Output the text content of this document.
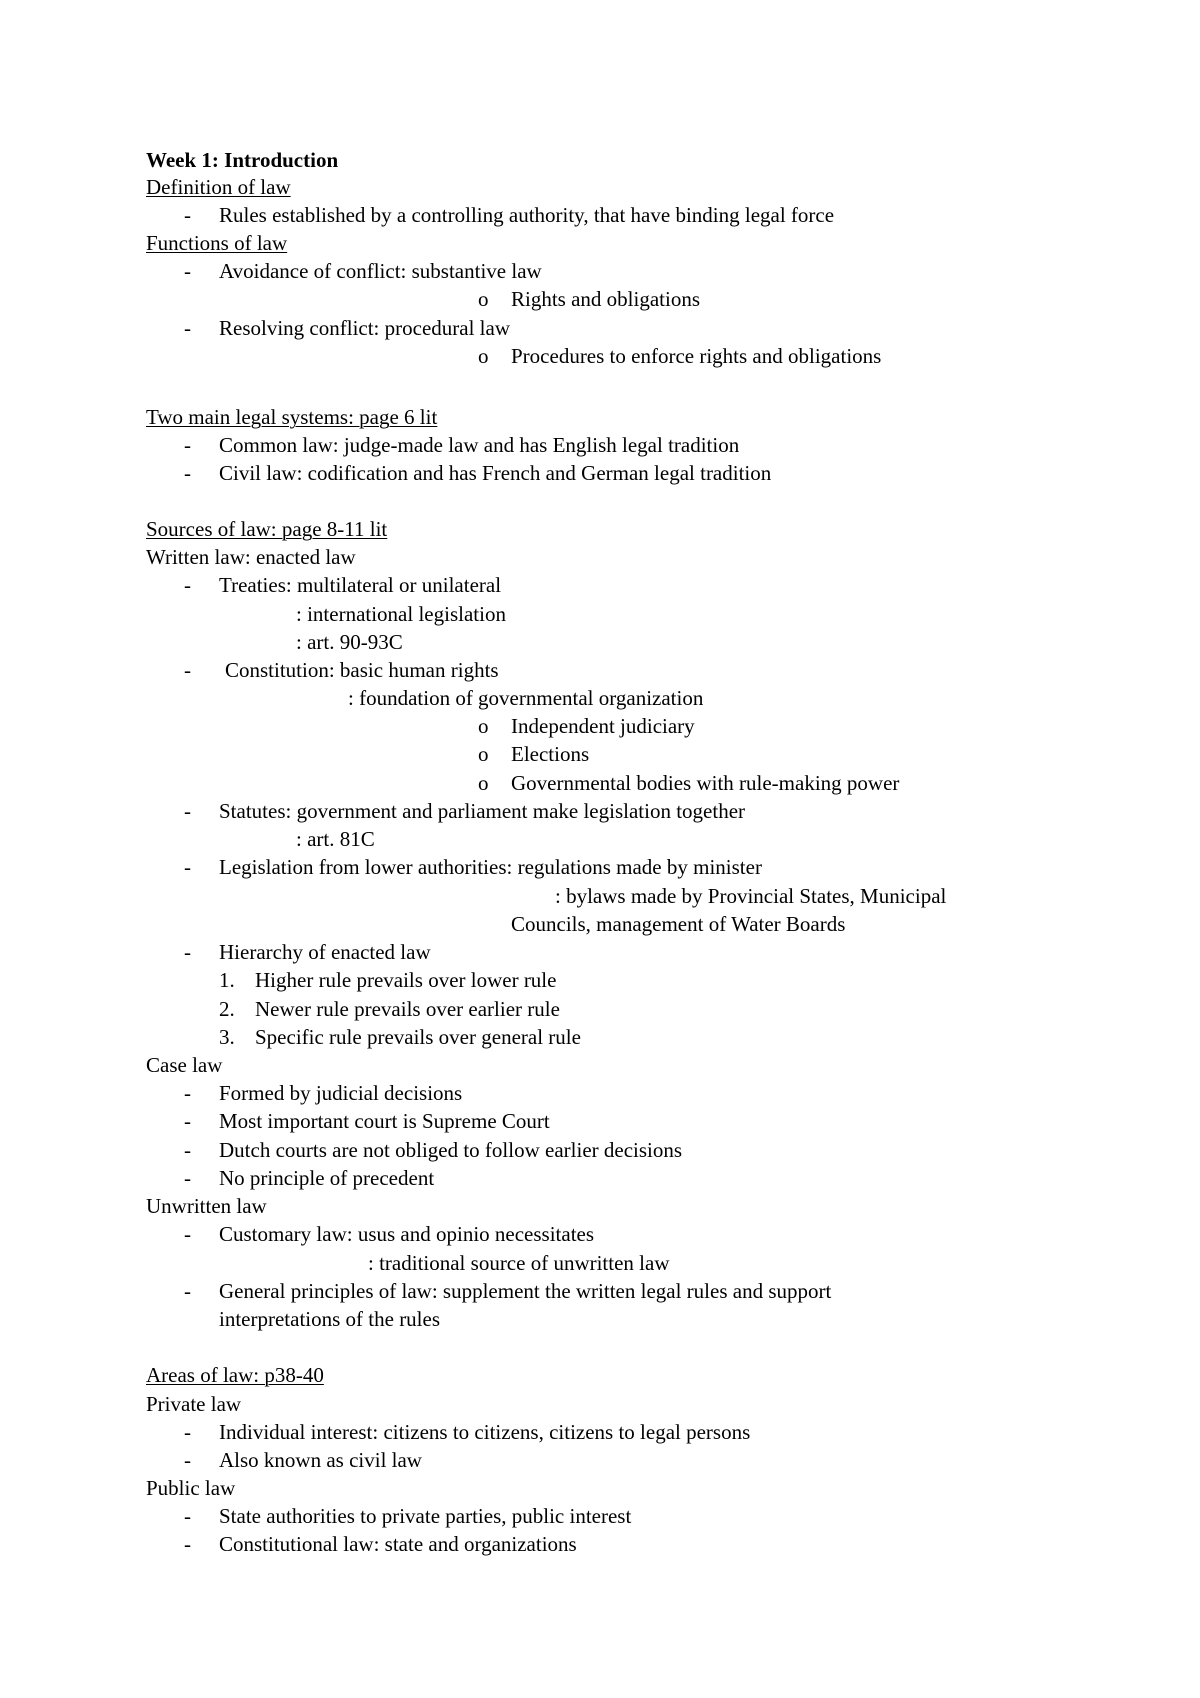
Week 1: Introduction
Definition of law
- Rules established by a controlling authority, that have binding legal force
Functions of law
- Avoidance of conflict: substantive law
o Rights and obligations
- Resolving conflict: procedural law
o Procedures to enforce rights and obligations
Two main legal systems: page 6 lit
- Common law: judge-made law and has English legal tradition
- Civil law: codification and has French and German legal tradition
Sources of law: page 8-11 lit
Written law: enacted law
- Treaties: multilateral or unilateral
: international legislation
: art. 90-93C
- Constitution: basic human rights
: foundation of governmental organization
o Independent judiciary
o Elections
o Governmental bodies with rule-making power
- Statutes: government and parliament make legislation together
: art. 81C
- Legislation from lower authorities: regulations made by minister
: bylaws made by Provincial States, Municipal
Councils, management of Water Boards
- Hierarchy of enacted law
1. Higher rule prevails over lower rule
2. Newer rule prevails over earlier rule
3. Specific rule prevails over general rule
Case law
- Formed by judicial decisions
- Most important court is Supreme Court
- Dutch courts are not obliged to follow earlier decisions
- No principle of precedent
Unwritten law
- Customary law: usus and opinio necessitates
: traditional source of unwritten law
- General principles of law: supplement the written legal rules and support
interpretations of the rules
Areas of law: p38-40
Private law
- Individual interest: citizens to citizens, citizens to legal persons
- Also known as civil law
Public law
- State authorities to private parties, public interest
- Constitutional law: state and organizations
